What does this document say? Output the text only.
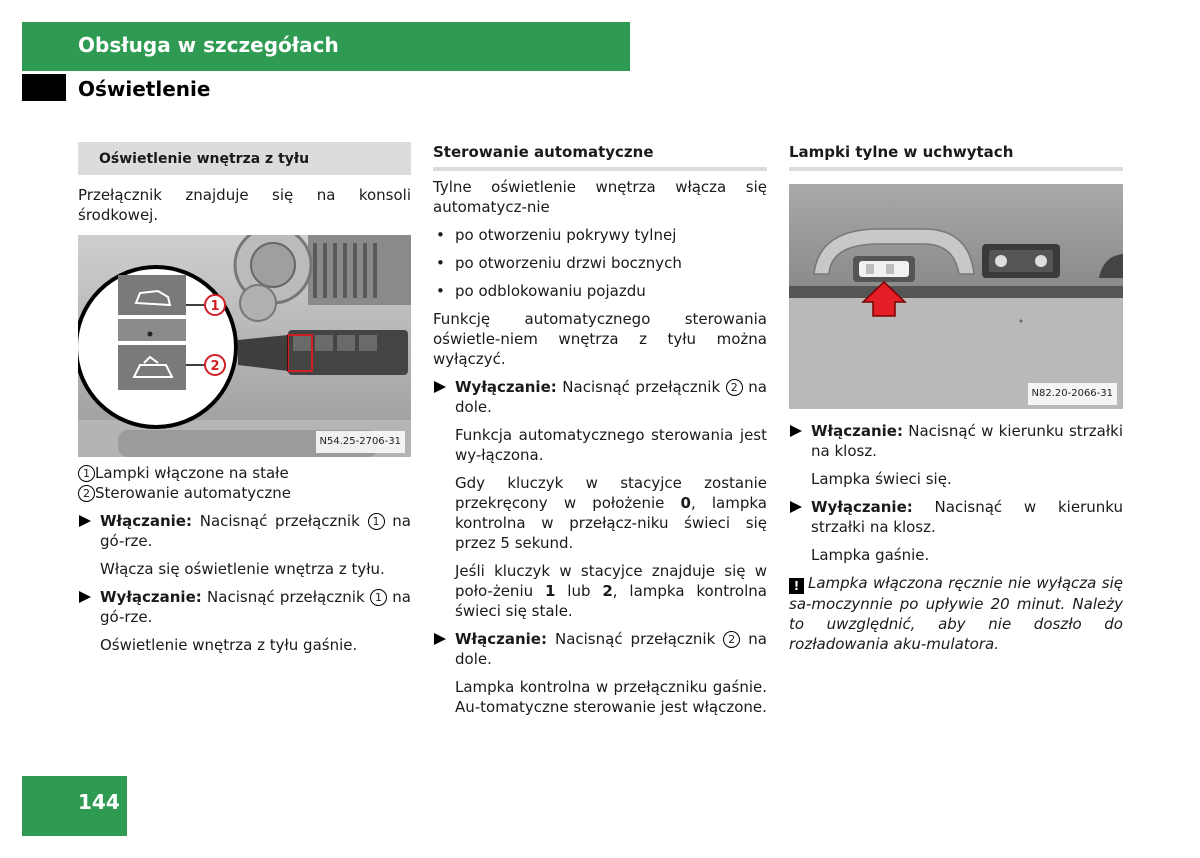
Obsługa w szczegółach
Oświetlenie
Oświetlenie wnętrza z tyłu

Przełącznik znajduje się na konsoli środkowej.

1
2
N54.25-2706-31
1 Lampki włączone na stałe
2 Sterowanie automatyczne
Włączanie: Nacisnąć przełącznik 1 na gó-rze.

Włącza się oświetlenie wnętrza z tyłu.

Wyłączanie: Nacisnąć przełącznik 1 na gó-rze.

Oświetlenie wnętrza z tyłu gaśnie.

Sterowanie automatyczne

Tylne oświetlenie wnętrza włącza się automatycz-nie

• po otworzeniu pokrywy tylnej
• po otworzeniu drzwi bocznych
• po odblokowaniu pojazdu

Funkcję automatycznego sterowania oświetle-niem wnętrza z tyłu można wyłączyć.

Wyłączanie: Nacisnąć przełącznik 2 na dole.

Funkcja automatycznego sterowania jest wy-łączona.

Gdy kluczyk w stacyjce zostanie przekręcony w położenie 0, lampka kontrolna w przełącz-niku świeci się przez 5 sekund.

Jeśli kluczyk w stacyjce znajduje się w poło-żeniu 1 lub 2, lampka kontrolna świeci się stale.

Włączanie: Nacisnąć przełącznik 2 na dole.

Lampka kontrolna w przełączniku gaśnie. Au-tomatyczne sterowanie jest włączone.

Lampki tylne w uchwytach
N82.20-2066-31
Włączanie: Nacisnąć w kierunku strzałki na klosz.

Lampka świeci się.

Wyłączanie: Nacisnąć w kierunku strzałki na klosz.

Lampka gaśnie.

! Lampka włączona ręcznie nie wyłącza się sa-moczynnie po upływie 20 minut. Należy to uwzględnić, aby nie doszło do rozładowania aku-mulatora.

144
